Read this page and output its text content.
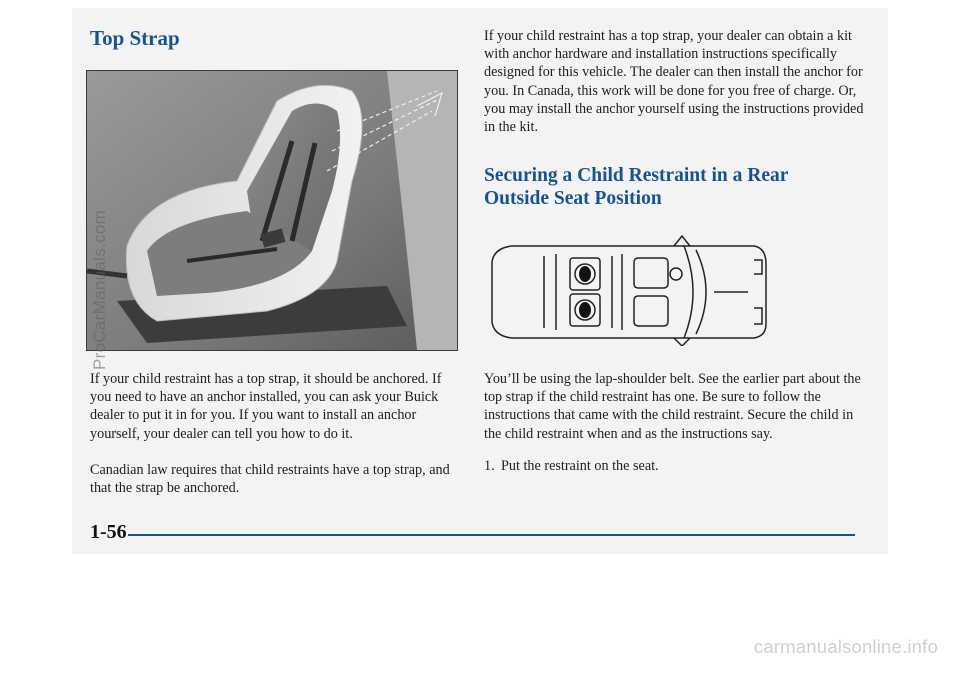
Top Strap

If your child restraint has a top strap, it should be anchored. If you need to have an anchor installed, you can ask your Buick dealer to put it in for you. If you want to install an anchor yourself, your dealer can tell you how to do it.

Canadian law requires that child restraints have a top strap, and that the strap be anchored.

If your child restraint has a top strap, your dealer can obtain a kit with anchor hardware and installation instructions specifically designed for this vehicle. The dealer can then install the anchor for you. In Canada, this work will be done for you free of charge. Or, you may install the anchor yourself using the instructions provided in the kit.

Securing a Child Restraint in a Rear Outside Seat Position

You’ll be using the lap-shoulder belt. See the earlier part about the top strap if the child restraint has one. Be sure to follow the instructions that came with the child restraint. Secure the child in the child restraint when and as the instructions say.

1. Put the restraint on the seat.

1-56
ProCarManuals.com
carmanualsonline.info
